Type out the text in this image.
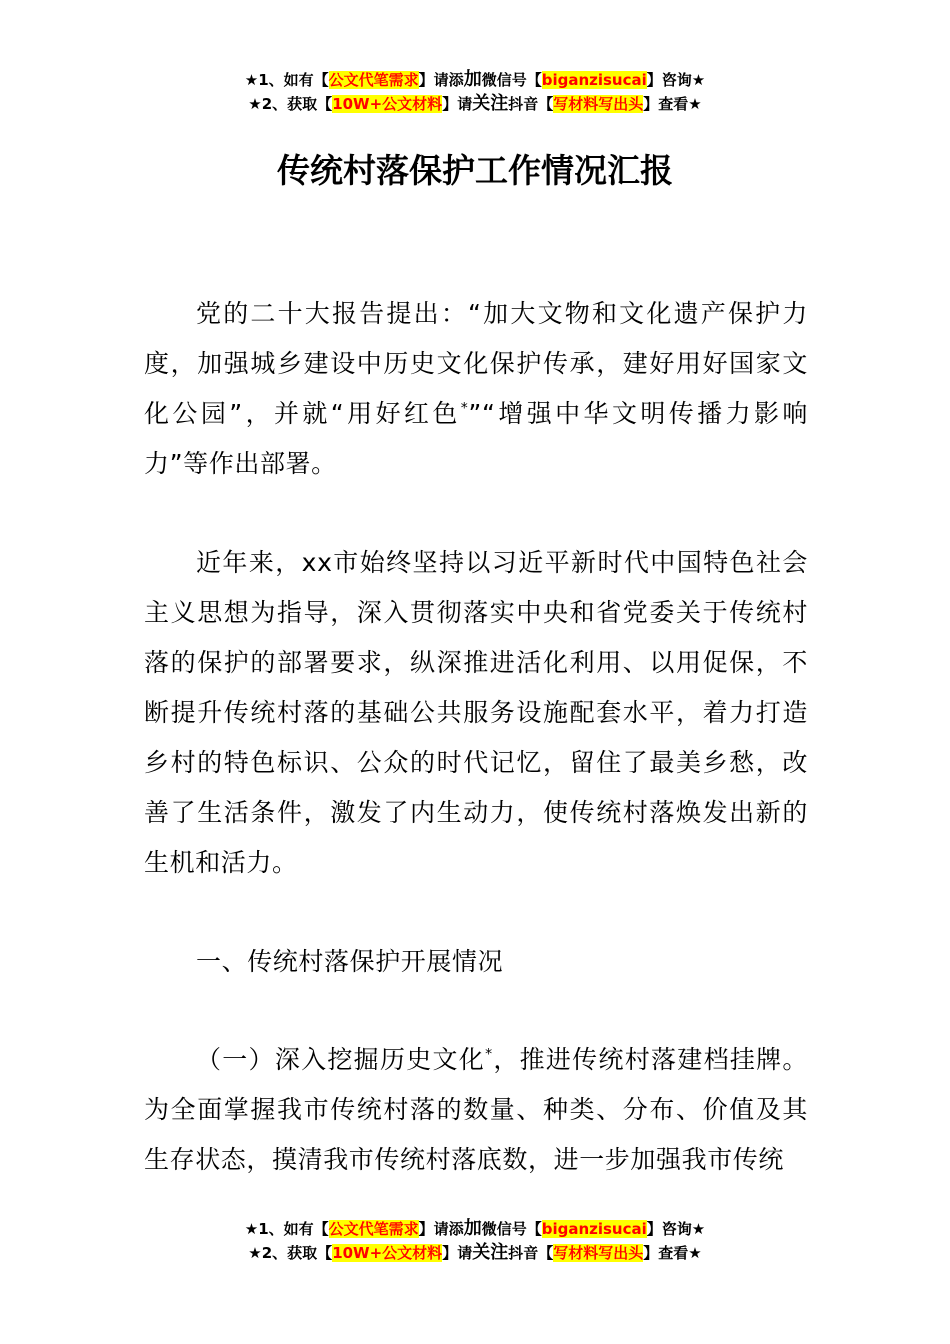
★1、如有【公文代笔需求】请添加微信号【biganzisucai】咨询★
★2、获取【10W+公文材料】请关注抖音【写材料写出头】查看★
传统村落保护工作情况汇报

党的二十大报告提出：“加大文物和文化遗产保护力度，加强城乡建设中历史文化保护传承，建好用好国家文化公园”，并就“用好红色*”“增强中华文明传播力影响力”等作出部署。

近年来，xx市始终坚持以习近平新时代中国特色社会主义思想为指导，深入贯彻落实中央和省党委关于传统村落的保护的部署要求，纵深推进活化利用、以用促保，不断提升传统村落的基础公共服务设施配套水平，着力打造乡村的特色标识、公众的时代记忆，留住了最美乡愁，改善了生活条件，激发了内生动力，使传统村落焕发出新的生机和活力。

一、传统村落保护开展情况

（一）深入挖掘历史文化*，推进传统村落建档挂牌。为全面掌握我市传统村落的数量、种类、分布、价值及其生存状态，摸清我市传统村落底数，进一步加强我市传统

★1、如有【公文代笔需求】请添加微信号【biganzisucai】咨询★
★2、获取【10W+公文材料】请关注抖音【写材料写出头】查看★
